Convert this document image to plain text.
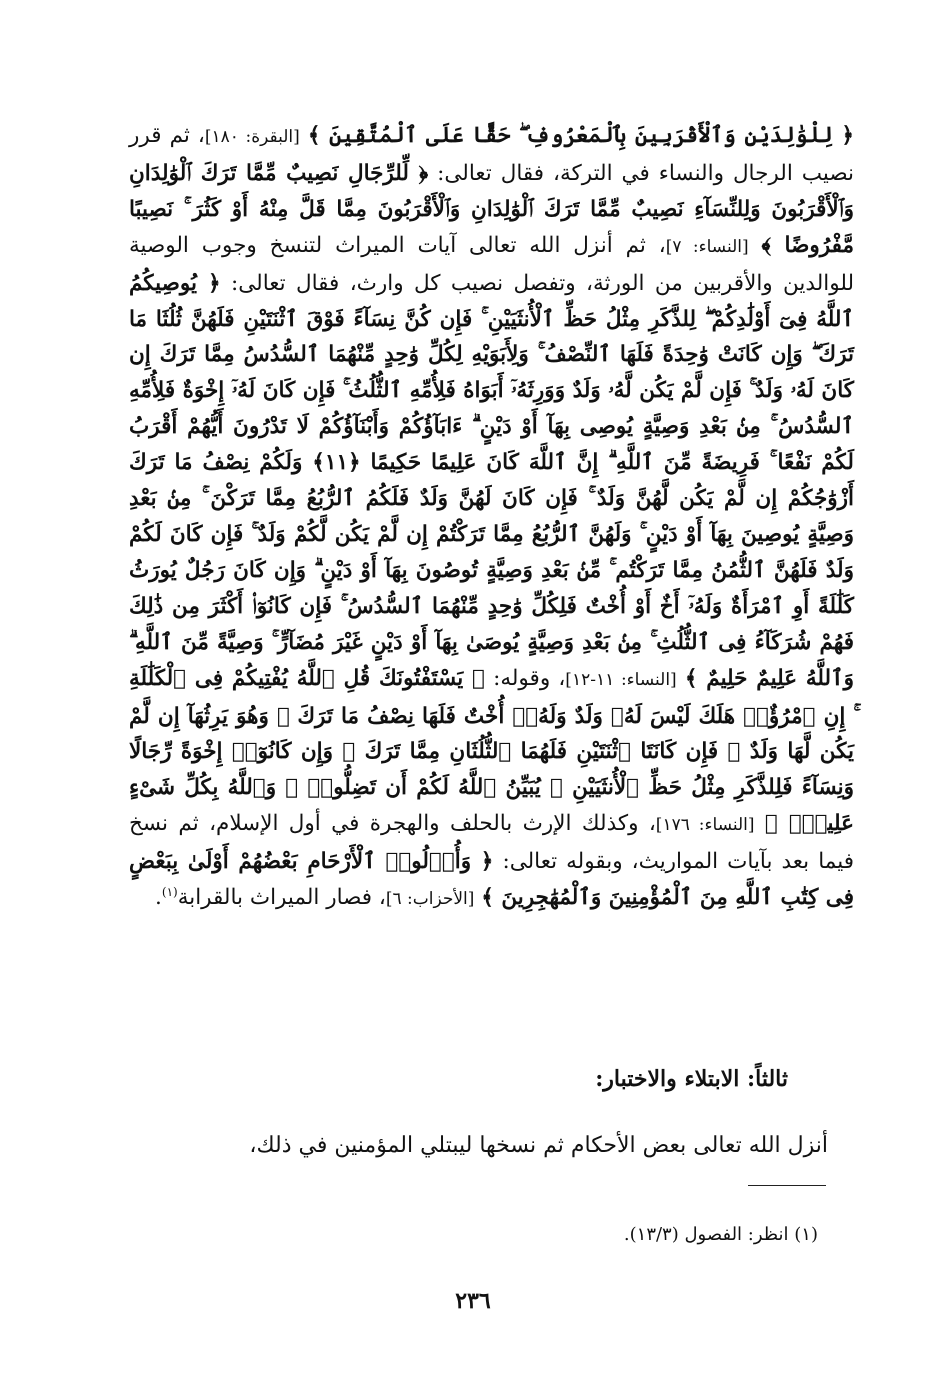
﴿ لِلْوَٰلِدَيْنِ وَٱلْأَقْرَبِينَ بِٱلْمَعْرُوفِ ۖ حَقًّا عَلَى ٱلْمُتَّقِينَ ﴾ [البقرة: ١٨٠]، ثم قرر نصيب الرجال والنساء في التركة، فقال تعالى: ﴿ لِّلرِّجَالِ نَصِيبٌ مِّمَّا تَرَكَ ٱلْوَٰلِدَانِ وَٱلْأَقْرَبُونَ وَلِلنِّسَآءِ نَصِيبٌ مِّمَّا تَرَكَ ٱلْوَٰلِدَانِ وَٱلْأَقْرَبُونَ مِمَّا قَلَّ مِنْهُ أَوْ كَثُرَ ۚ نَصِيبًا مَّفْرُوضًا ﴾ [النساء: ٧]، ثم أنزل الله تعالى آيات الميراث لتنسخ وجوب الوصية للوالدين والأقربين من الورثة، وتفصل نصيب كل وارث، فقال تعالى: ﴿ يُوصِيكُمُ ٱللَّهُ فِىٓ أَوْلَٰدِكُمْ ۖ لِلذَّكَرِ مِثْلُ حَظِّ ٱلْأُنثَيَيْنِ ۚ فَإِن كُنَّ نِسَآءً فَوْقَ ٱثْنَتَيْنِ فَلَهُنَّ ثُلُثَا مَا تَرَكَ ۖ وَإِن كَانَتْ وَٰحِدَةً فَلَهَا ٱلنِّصْفُ ۚ وَلِأَبَوَيْهِ لِكُلِّ وَٰحِدٍ مِّنْهُمَا ٱلسُّدُسُ مِمَّا تَرَكَ إِن كَانَ لَهُۥ وَلَدٌ ۚ فَإِن لَّمْ يَكُن لَّهُۥ وَلَدٌ وَوَرِثَهُۥٓ أَبَوَاهُ فَلِأُمِّهِ ٱلثُّلُثُ ۚ فَإِن كَانَ لَهُۥٓ إِخْوَةٌ فَلِأُمِّهِ ٱلسُّدُسُ ۚ مِنۢ بَعْدِ وَصِيَّةٍ يُوصِى بِهَآ أَوْ دَيْنٍ ۗ ءَابَآؤُكُمْ وَأَبْنَآؤُكُمْ لَا تَدْرُونَ أَيُّهُمْ أَقْرَبُ لَكُمْ نَفْعًا ۚ فَرِيضَةً مِّنَ ٱللَّهِ ۗ إِنَّ ٱللَّهَ كَانَ عَلِيمًا حَكِيمًا ﴿١١﴾ وَلَكُمْ نِصْفُ مَا تَرَكَ أَزْوَٰجُكُمْ إِن لَّمْ يَكُن لَّهُنَّ وَلَدٌ ۚ فَإِن كَانَ لَهُنَّ وَلَدٌ فَلَكُمُ ٱلرُّبُعُ مِمَّا تَرَكْنَ ۚ مِنۢ بَعْدِ وَصِيَّةٍ يُوصِينَ بِهَآ أَوْ دَيْنٍ ۚ وَلَهُنَّ ٱلرُّبُعُ مِمَّا تَرَكْتُمْ إِن لَّمْ يَكُن لَّكُمْ وَلَدٌ ۚ فَإِن كَانَ لَكُمْ وَلَدٌ فَلَهُنَّ ٱلثُّمُنُ مِمَّا تَرَكْتُم ۚ مِّنۢ بَعْدِ وَصِيَّةٍ تُوصُونَ بِهَآ أَوْ دَيْنٍ ۗ وَإِن كَانَ رَجُلٌ يُورَثُ كَلَٰلَةً أَوِ ٱمْرَأَةٌ وَلَهُۥٓ أَخٌ أَوْ أُخْتٌ فَلِكُلِّ وَٰحِدٍ مِّنْهُمَا ٱلسُّدُسُ ۚ فَإِن كَانُوٓا۟ أَكْثَرَ مِن ذَٰلِكَ فَهُمْ شُرَكَآءُ فِى ٱلثُّلُثِ ۚ مِنۢ بَعْدِ وَصِيَّةٍ يُوصَىٰ بِهَآ أَوْ دَيْنٍ غَيْرَ مُضَآرٍّ ۚ وَصِيَّةً مِّنَ ٱللَّهِ ۗ وَٱللَّهُ عَلِيمٌ حَلِيمٌ ﴾ [النساء: ١١-١٢]، وقوله: ﴿ يَسْتَفْتُونَكَ قُلِ ٱللَّهُ يُفْتِيكُمْ فِى ٱلْكَلَٰلَةِ ۚ إِنِ ٱمْرُؤٌا۟ هَلَكَ لَيْسَ لَهُۥ وَلَدٌ وَلَهُۥٓ أُخْتٌ فَلَهَا نِصْفُ مَا تَرَكَ ۚ وَهُوَ يَرِثُهَآ إِن لَّمْ يَكُن لَّهَا وَلَدٌ ۚ فَإِن كَانَتَا ٱثْنَتَيْنِ فَلَهُمَا ٱلثُّلُثَانِ مِمَّا تَرَكَ ۚ وَإِن كَانُوٓا۟ إِخْوَةً رِّجَالًا وَنِسَآءً فَلِلذَّكَرِ مِثْلُ حَظِّ ٱلْأُنثَيَيْنِ ۗ يُبَيِّنُ ٱللَّهُ لَكُمْ أَن تَضِلُّوا۟ ۗ وَٱللَّهُ بِكُلِّ شَىْءٍ عَلِيمٌۢ ﴾ [النساء: ١٧٦]، وكذلك الإرث بالحلف والهجرة في أول الإسلام، ثم نسخ فيما بعد بآيات المواريث، وبقوله تعالى: ﴿ وَأُو۟لُوا۟ ٱلْأَرْحَامِ بَعْضُهُمْ أَوْلَىٰ بِبَعْضٍ فِى كِتَٰبِ ٱللَّهِ مِنَ ٱلْمُؤْمِنِينَ وَٱلْمُهَٰجِرِينَ ﴾ [الأحزاب: ٦]، فصار الميراث بالقرابة$^{(١)}$.

ثالثاً: الابتلاء والاختبار:
أنزل الله تعالى بعض الأحكام ثم نسخها ليبتلي المؤمنين في ذلك،
(١) انظر: الفصول (١٣/٣).
٢٣٦
